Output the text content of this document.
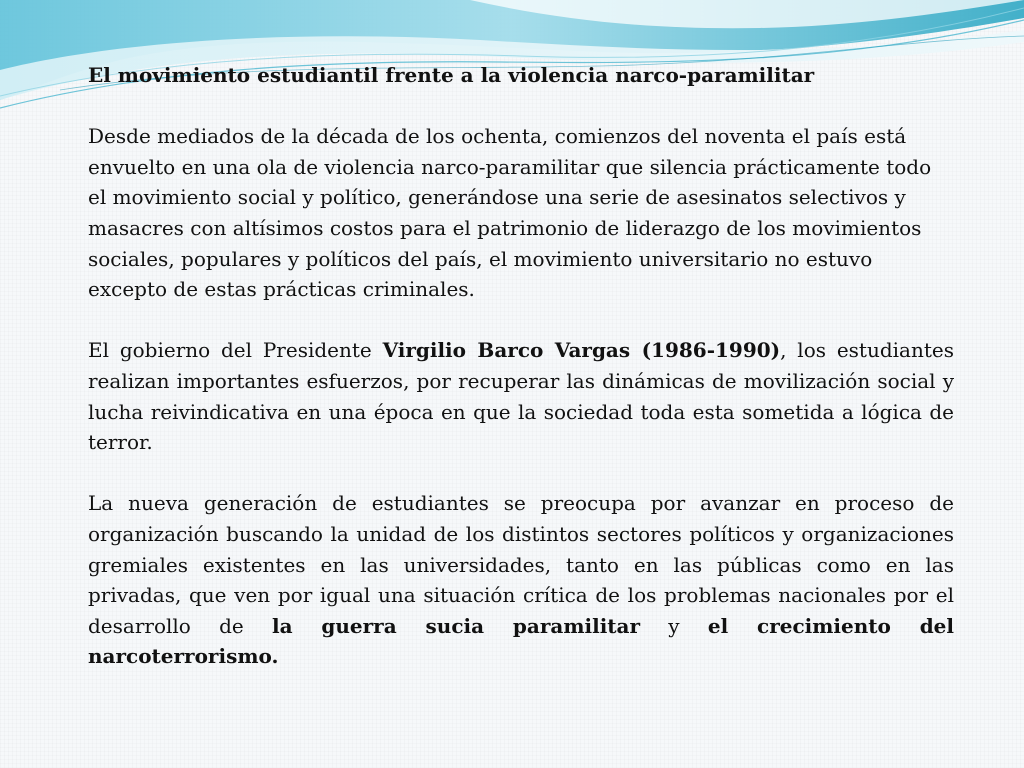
El movimiento estudiantil frente a la violencia narco-paramilitar

Desde mediados de la década de los ochenta, comienzos del noventa el país está envuelto en una ola de violencia narco-paramilitar que silencia prácticamente todo el movimiento social y político, generándose una serie de asesinatos selectivos y masacres con altísimos costos para el patrimonio de liderazgo de los movimientos sociales, populares y políticos del país, el movimiento universitario no estuvo excepto de estas prácticas criminales.

El gobierno del Presidente Virgilio Barco Vargas (1986-1990), los estudiantes realizan importantes esfuerzos, por recuperar las dinámicas de movilización social y lucha reivindicativa en una época en que la sociedad toda esta sometida a lógica de terror.

La nueva generación de estudiantes se preocupa por avanzar en proceso de organización buscando la unidad de los distintos sectores políticos y organizaciones gremiales existentes en las universidades, tanto en las públicas como en las privadas, que ven por igual una situación crítica de los problemas nacionales por el desarrollo de la guerra sucia paramilitar y el crecimiento del narcoterrorismo.
